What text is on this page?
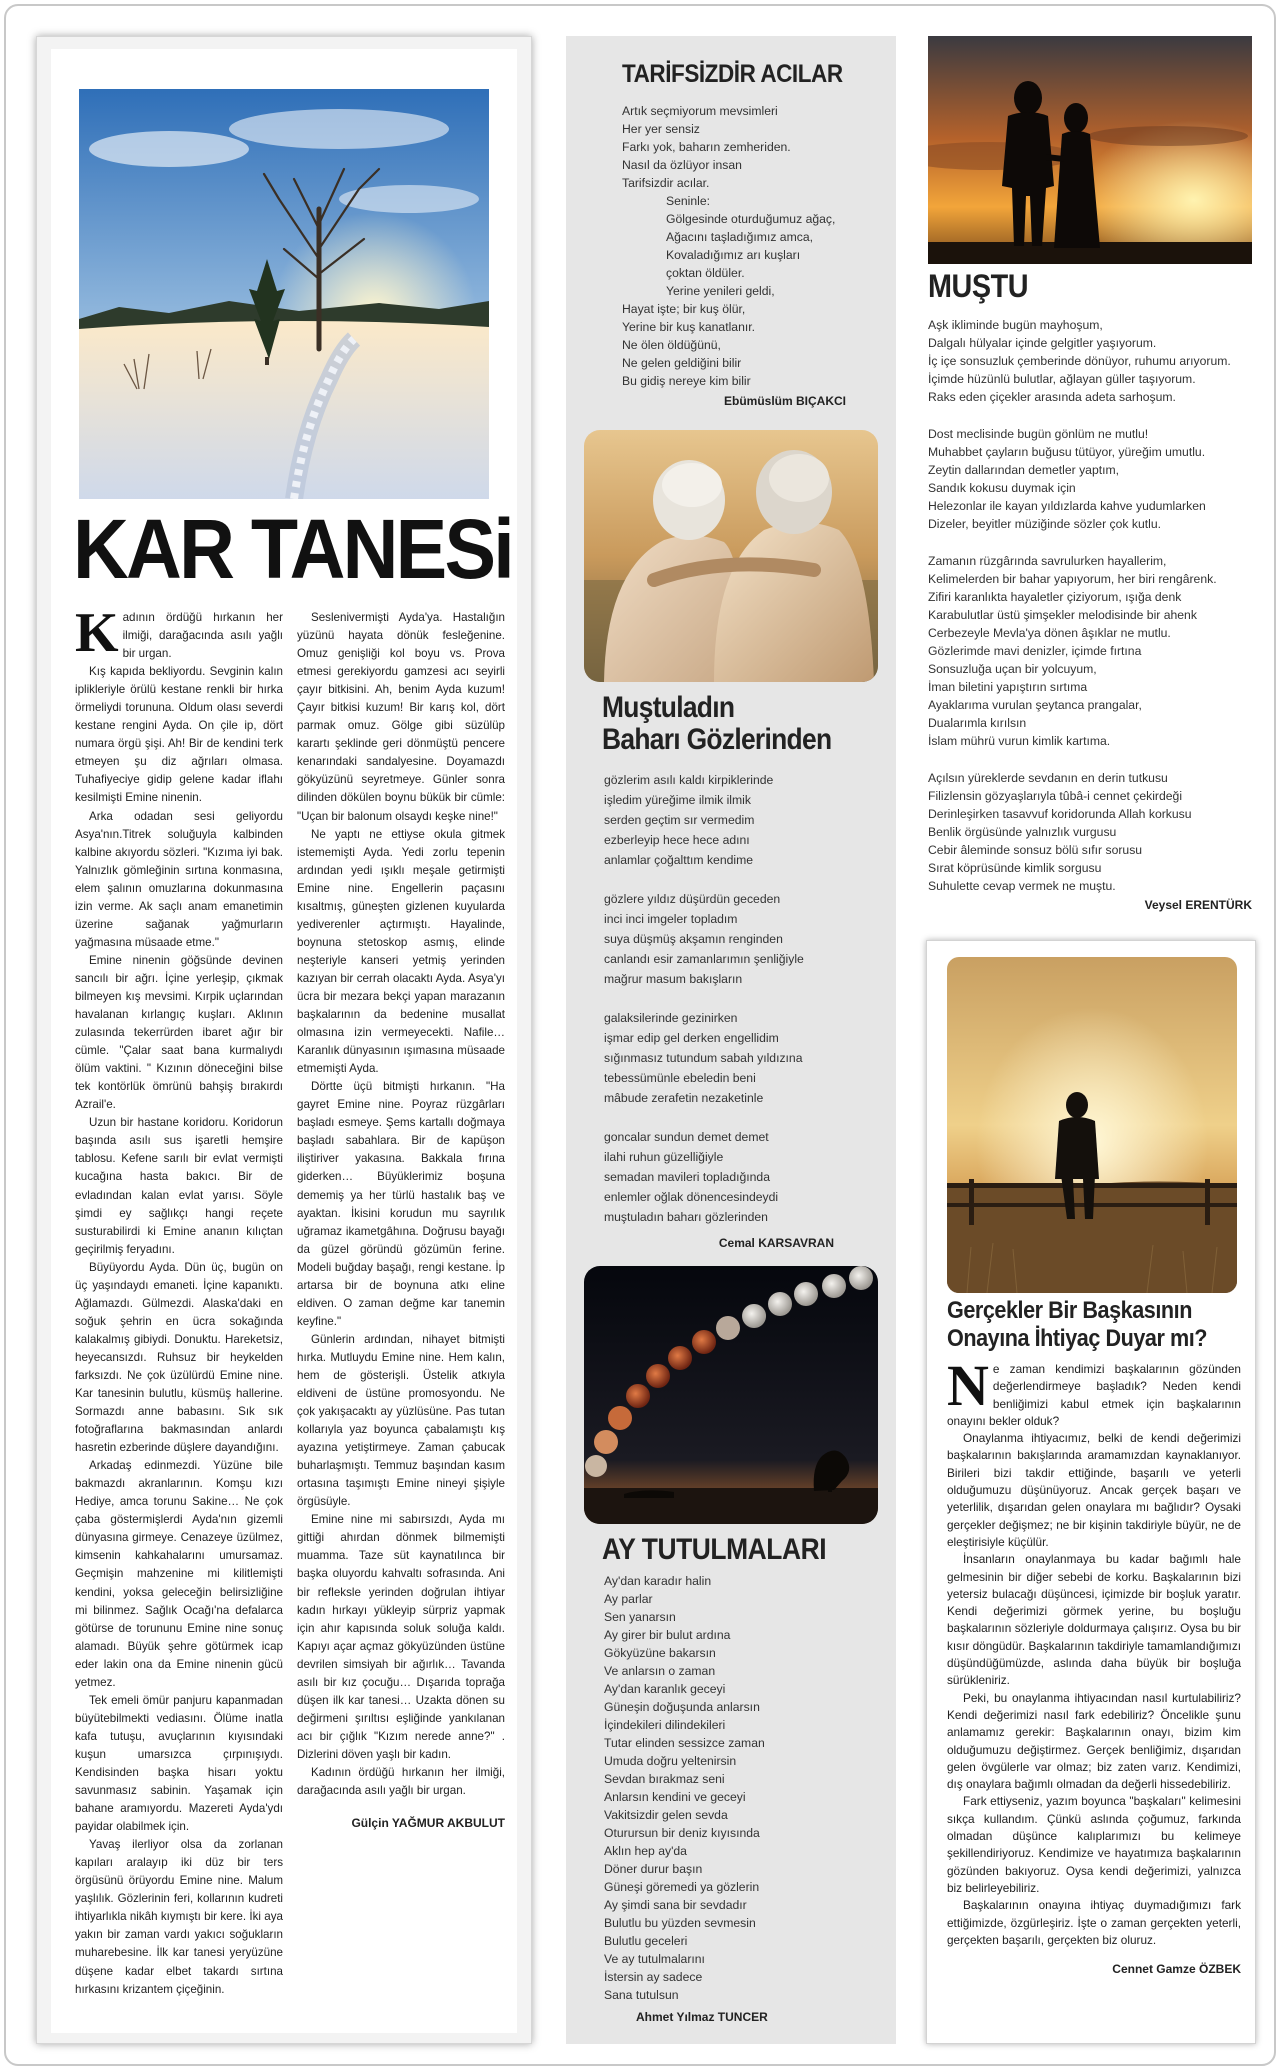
KAR TANESi

Kadının ördüğü hırkanın her ilmiği, darağacında asılı yağlı bir urgan.

Kış kapıda bekliyordu. Sevginin kalın iplikleriyle örülü kestane renkli bir hırka örmeliydi torununa. Oldum olası severdi kestane rengini Ayda. On çile ip, dört numara örgü şişi. Ah! Bir de kendini terk etmeyen şu diz ağrıları olmasa. Tuhafiyeciye gidip gelene kadar iflahı kesilmişti Emine ninenin.

Arka odadan sesi geliyordu Asya'nın.Titrek soluğuyla kalbinden kalbine akıyordu sözleri. "Kızıma iyi bak. Yalnızlık gömleğinin sırtına konmasına, elem şalının omuzlarına dokunmasına izin verme. Ak saçlı anam emanetimin üzerine sağanak yağmurların yağmasına müsaade etme."

Emine ninenin göğsünde devinen sancılı bir ağrı. İçine yerleşip, çıkmak bilmeyen kış mevsimi. Kırpik uçlarından havalanan kırlangıç kuşları. Aklının zulasında tekerrürden ibaret ağır bir cümle. "Çalar saat bana kurmalıydı ölüm vaktini. " Kızının döneceğini bilse tek kontörlük ömrünü bahşiş bırakırdı Azrail'e.

Uzun bir hastane koridoru. Koridorun başında asılı sus işaretli hemşire tablosu. Kefene sarılı bir evlat vermişti kucağına hasta bakıcı. Bir de evladından kalan evlat yarısı. Söyle şimdi ey sağlıkçı hangi reçete susturabilirdi ki Emine ananın kılıçtan geçirilmiş feryadını.

Büyüyordu Ayda. Dün üç, bugün on üç yaşındaydı emaneti. İçine kapanıktı. Ağlamazdı. Gülmezdi. Alaska'daki en soğuk şehrin en ücra sokağında kalakalmış gibiydi. Donuktu. Hareketsiz, heyecansızdı. Ruhsuz bir heykelden farksızdı. Ne çok üzülürdü Emine nine. Kar tanesinin bulutlu, küsmüş hallerine. Sormazdı anne babasını. Sık sık fotoğraflarına bakmasından anlardı hasretin ezberinde düşlere dayandığını.

Arkadaş edinmezdi. Yüzüne bile bakmazdı akranlarının. Komşu kızı Hediye, amca torunu Sakine… Ne çok çaba göstermişlerdi Ayda'nın gizemli dünyasına girmeye. Cenazeye üzülmez, kimsenin kahkahalarını umursamaz. Geçmişin mahzenine mi kilitlemişti kendini, yoksa geleceğin belirsizliğine mi bilinmez. Sağlık Ocağı'na defalarca götürse de torununu Emine nine sonuç alamadı. Büyük şehre götürmek icap eder lakin ona da Emine ninenin gücü yetmez.

Tek emeli ömür panjuru kapanmadan büyütebilmekti vediasını. Ölüme inatla kafa tutuşu, avuçlarının kıyısındaki kuşun umarsızca çırpınışıydı. Kendisinden başka hisarı yoktu savunmasız sabinin. Yaşamak için bahane aramıyordu. Mazereti Ayda'ydı payidar olabilmek için.

Yavaş ilerliyor olsa da zorlanan kapıları aralayıp iki düz bir ters örgüsünü örüyordu Emine nine. Malum yaşlılık. Gözlerinin feri, kollarının kudreti ihtiyarlıkla nikâh kıymıştı bir kere. İki aya yakın bir zaman vardı yakıcı soğukların muharebesine. İlk kar tanesi yeryüzüne düşene kadar elbet takardı sırtına hırkasını krizantem çiçeğinin.

Seslenivermişti Ayda'ya. Hastalığın yüzünü hayata dönük fesleğenine. Omuz genişliği kol boyu vs. Prova etmesi gerekiyordu gamzesi acı seyirli çayır bitkisini. Ah, benim Ayda kuzum! Çayır bitkisi kuzum! Bir karış kol, dört parmak omuz. Gölge gibi süzülüp karartı şeklinde geri dönmüştü pencere kenarındaki sandalyesine. Doyamazdı gökyüzünü seyretmeye. Günler sonra dilinden dökülen boynu bükük bir cümle: "Uçan bir balonum olsaydı keşke nine!"

Ne yaptı ne ettiyse okula gitmek istememişti Ayda. Yedi zorlu tepenin ardından yedi ışıklı meşale getirmişti Emine nine. Engellerin paçasını kısaltmış, güneşten gizlenen kuyularda yediverenler açtırmıştı. Hayalinde, boynuna stetoskop asmış, elinde neşteriyle kanseri yetmiş yerinden kazıyan bir cerrah olacaktı Ayda. Asya'yı ücra bir mezara bekçi yapan marazanın başkalarının da bedenine musallat olmasına izin vermeyecekti. Nafile… Karanlık dünyasının ışımasına müsaade etmemişti Ayda.

Dörtte üçü bitmişti hırkanın. "Ha gayret Emine nine. Poyraz rüzgârları başladı esmeye. Şems kartallı doğmaya başladı sabahlara. Bir de kapüşon iliştiriver yakasına. Bakkala fırına giderken… Büyüklerimiz boşuna dememiş ya her türlü hastalık baş ve ayaktan. İkisini korudun mu sayrılık uğramaz ikametgâhına. Doğrusu bayağı da güzel göründü gözümün ferine. Modeli buğday başağı, rengi kestane. İp artarsa bir de boynuna atkı eline eldiven. O zaman değme kar tanemin keyfine."

Günlerin ardından, nihayet bitmişti hırka. Mutluydu Emine nine. Hem kalın, hem de gösterişli. Üstelik atkıyla eldiveni de üstüne promosyondu. Ne çok yakışacaktı ay yüzlüsüne. Pas tutan kollarıyla yaz boyunca çabalamıştı kış ayazına yetiştirmeye. Zaman çabucak buharlaşmıştı. Temmuz başından kasım ortasına taşımıştı Emine nineyi şişiyle örgüsüyle.

Emine nine mi sabırsızdı, Ayda mı gittiği ahırdan dönmek bilmemişti muamma. Taze süt kaynatılınca bir başka oluyordu kahvaltı sofrasında. Ani bir refleksle yerinden doğrulan ihtiyar kadın hırkayı yükleyip sürpriz yapmak için ahır kapısında soluk soluğa kaldı. Kapıyı açar açmaz gökyüzünden üstüne devrilen simsiyah bir ağırlık… Tavanda asılı bir kız çocuğu… Dışarıda toprağa düşen ilk kar tanesi… Uzakta dönen su değirmeni şırıltısı eşliğinde yankılanan acı bir çığlık "Kızım nerede anne?" . Dizlerini döven yaşlı bir kadın.

Kadının ördüğü hırkanın her ilmiği, darağacında asılı yağlı bir urgan.

Gülçin YAĞMUR AKBULUT

TARİFSİZDİR ACILAR
Artık seçmiyorum mevsimleri
Her yer sensiz
Farkı yok, baharın zemheriden.
Nasıl da özlüyor insan
Tarifsizdir acılar.
Seninle:
Gölgesinde oturduğumuz ağaç,
Ağacını taşladığımız amca,
Kovaladığımız arı kuşları
çoktan öldüler.
Yerine yenileri geldi,
Hayat işte; bir kuş ölür,
Yerine bir kuş kanatlanır.
Ne ölen öldüğünü,
Ne gelen geldiğini bilir
Bu gidiş nereye kim bilir
Ebümüslüm BIÇAKCI
Muştuladın
Baharı Gözlerinden
gözlerim asılı kaldı kirpiklerinde
işledim yüreğime ilmik ilmik
serden geçtim sır vermedim
ezberleyip hece hece adını
anlamlar çoğalttım kendime
gözlere yıldız düşürdün geceden
inci inci imgeler topladım
suya düşmüş akşamın renginden
canlandı esir zamanlarımın şenliğiyle
mağrur masum bakışların
galaksilerinde gezinirken
işmar edip gel derken engellidim
sığınmasız tutundum sabah yıldızına
tebessümünle ebeledin beni
mâbude zerafetin nezaketinle
goncalar sundun demet demet
ilahi ruhun güzelliğiyle
semadan mavileri topladığında
enlemler oğlak dönencesindeydi
muştuladın baharı gözlerinden
Cemal KARSAVRAN
AY TUTULMALARI
Ay'dan karadır halin
Ay parlar
Sen yanarsın
Ay girer bir bulut ardına
Gökyüzüne bakarsın
Ve anlarsın o zaman
Ay'dan karanlık geceyi
Güneşin doğuşunda anlarsın
İçindekileri dilindekileri
Tutar elinden sessizce zaman
Umuda doğru yeltenirsin
Sevdan bırakmaz seni
Anlarsın kendini ve geceyi
Vakitsizdir gelen sevda
Oturursun bir deniz kıyısında
Aklın hep ay'da
Döner durur başın
Güneşi göremedi ya gözlerin
Ay şimdi sana bir sevdadır
Bulutlu bu yüzden sevmesin
Bulutlu geceleri
Ve ay tutulmalarını
İstersin ay sadece
Sana tutulsun
Ahmet Yılmaz TUNCER
MUŞTU
Aşk ikliminde bugün mayhoşum,
Dalgalı hülyalar içinde gelgitler yaşıyorum.
İç içe sonsuzluk çemberinde dönüyor, ruhumu arıyorum.
İçimde hüzünlü bulutlar, ağlayan güller taşıyorum.
Raks eden çiçekler arasında adeta sarhoşum.
Dost meclisinde bugün gönlüm ne mutlu!
Muhabbet çayların buğusu tütüyor, yüreğim umutlu.
Zeytin dallarından demetler yaptım,
Sandık kokusu duymak için
Helezonlar ile kayan yıldızlarda kahve yudumlarken
Dizeler, beyitler müziğinde sözler çok kutlu.
Zamanın rüzgârında savrulurken hayallerim,
Kelimelerden bir bahar yapıyorum, her biri rengârenk.
Zifiri karanlıkta hayaletler çiziyorum, ışığa denk
Karabulutlar üstü şimşekler melodisinde bir ahenk
Cerbezeyle Mevla'ya dönen âşıklar ne mutlu.
Gözlerimde mavi denizler, içimde fırtına
Sonsuzluğa uçan bir yolcuyum,
İman biletini yapıştırın sırtıma
Ayaklarıma vurulan şeytanca prangalar,
Dualarımla kırılsın
İslam mührü vurun kimlik kartıma.
Açılsın yüreklerde sevdanın en derin tutkusu
Filizlensin gözyaşlarıyla tûbâ-i cennet çekirdeği
Derinleşirken tasavvuf koridorunda Allah korkusu
Benlik örgüsünde yalnızlık vurgusu
Cebir âleminde sonsuz bölü sıfır sorusu
Sırat köprüsünde kimlik sorgusu
Suhulette cevap vermek ne muştu.
Veysel ERENTÜRK
Gerçekler Bir Başkasının Onayına İhtiyaç Duyar mı?

Ne zaman kendimizi başkalarının gözünden değerlendirmeye başladık? Neden kendi benliğimizi kabul etmek için başkalarının onayını bekler olduk?

Onaylanma ihtiyacımız, belki de kendi değerimizi başkalarının bakışlarında aramamızdan kaynaklanıyor. Birileri bizi takdir ettiğinde, başarılı ve yeterli olduğumuzu düşünüyoruz. Ancak gerçek başarı ve yeterlilik, dışarıdan gelen onaylara mı bağlıdır? Oysaki gerçekler değişmez; ne bir kişinin takdiriyle büyür, ne de eleştirisiyle küçülür.

İnsanların onaylanmaya bu kadar bağımlı hale gelmesinin bir diğer sebebi de korku. Başkalarının bizi yetersiz bulacağı düşüncesi, içimizde bir boşluk yaratır. Kendi değerimizi görmek yerine, bu boşluğu başkalarının sözleriyle doldurmaya çalışırız. Oysa bu bir kısır döngüdür. Başkalarının takdiriyle tamamlandığımızı düşündüğümüzde, aslında daha büyük bir boşluğa sürükleniriz.

Peki, bu onaylanma ihtiyacından nasıl kurtulabiliriz? Kendi değerimizi nasıl fark edebiliriz? Öncelikle şunu anlamamız gerekir: Başkalarının onayı, bizim kim olduğumuzu değiştirmez. Gerçek benliğimiz, dışarıdan gelen övgülerle var olmaz; biz zaten varız. Kendimizi, dış onaylara bağımlı olmadan da değerli hissedebiliriz.

Fark ettiyseniz, yazım boyunca "başkaları" kelimesini sıkça kullandım. Çünkü aslında çoğumuz, farkında olmadan düşünce kalıplarımızı bu kelimeye şekillendiriyoruz. Kendimize ve hayatımıza başkalarının gözünden bakıyoruz. Oysa kendi değerimizi, yalnızca biz belirleyebiliriz.

Başkalarının onayına ihtiyaç duymadığımızı fark ettiğimizde, özgürleşiriz. İşte o zaman gerçekten yeterli, gerçekten başarılı, gerçekten biz oluruz.

Cennet Gamze ÖZBEK
